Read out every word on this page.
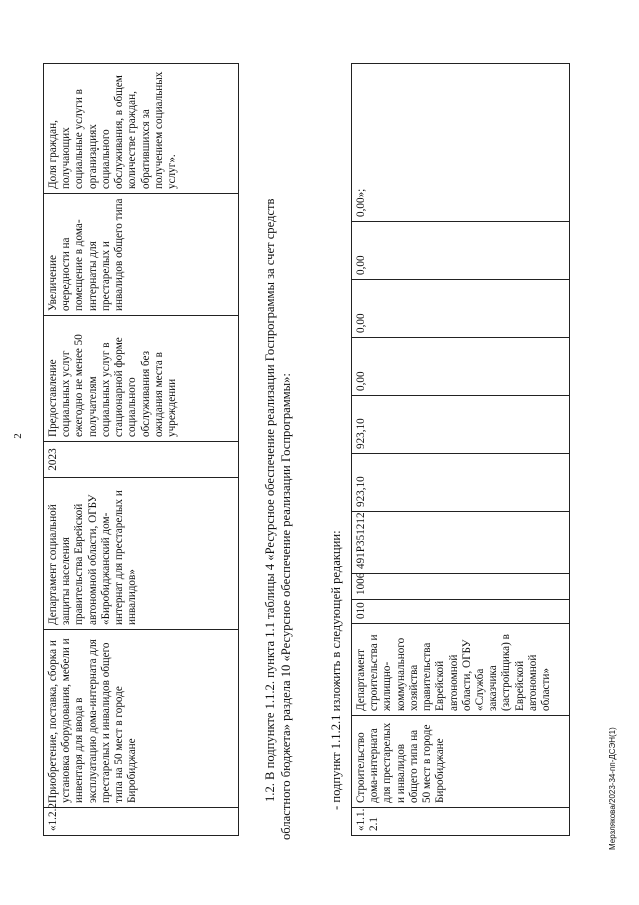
2
Мерзлякова/2023-34-пп-ДСЭН(1)
«1.2.2	Приобретение, поставка, сборка и установка оборудования, мебели и инвентаря для ввода в эксплуатацию дома-интерната для престарелых и инвалидов общего типа на 50 мест в городе Биробиджане	Департамент социальной защиты населения правительства Еврейской автономной области, ОГБУ «Биробиджанский дом-интернат для престарелых и инвалидов»	2023	Предоставление социальных услуг ежегодно не менее 50 получателям социальных услуг в стационарной форме социального обслуживания без ожидания места в учреждении	Увеличение очередности на помещение в дома-интернаты для престарелых и инвалидов общего типа	Доля граждан, получающих социальные услуги в организациях социального обслуживания, в общем количестве граждан, обратившихся за получением социальных услуг».
1.2. В подпункте 1.1.2. пункта 1.1 таблицы 4 «Ресурсное обеспечение реализации Госпрограммы за счет средств областного бюджета» раздела 10 «Ресурсное обеспечение реализации Госпрограммы»:	- подпункт 1.1.2.1 изложить в следующей редакции:
«1.1. 2.1	Строительство дома-интерната для престарелых и инвалидов общего типа на 50 мест в городе Биробиджане	Департамент строительства и жилищно-коммунального хозяйства правительства Еврейской автономной области, ОГБУ «Служба заказчика (застройщика) в Еврейской автономной области»	010	1006	491Р351212	923,10	923,10	0,00	0,00	0,00	0,00»;
